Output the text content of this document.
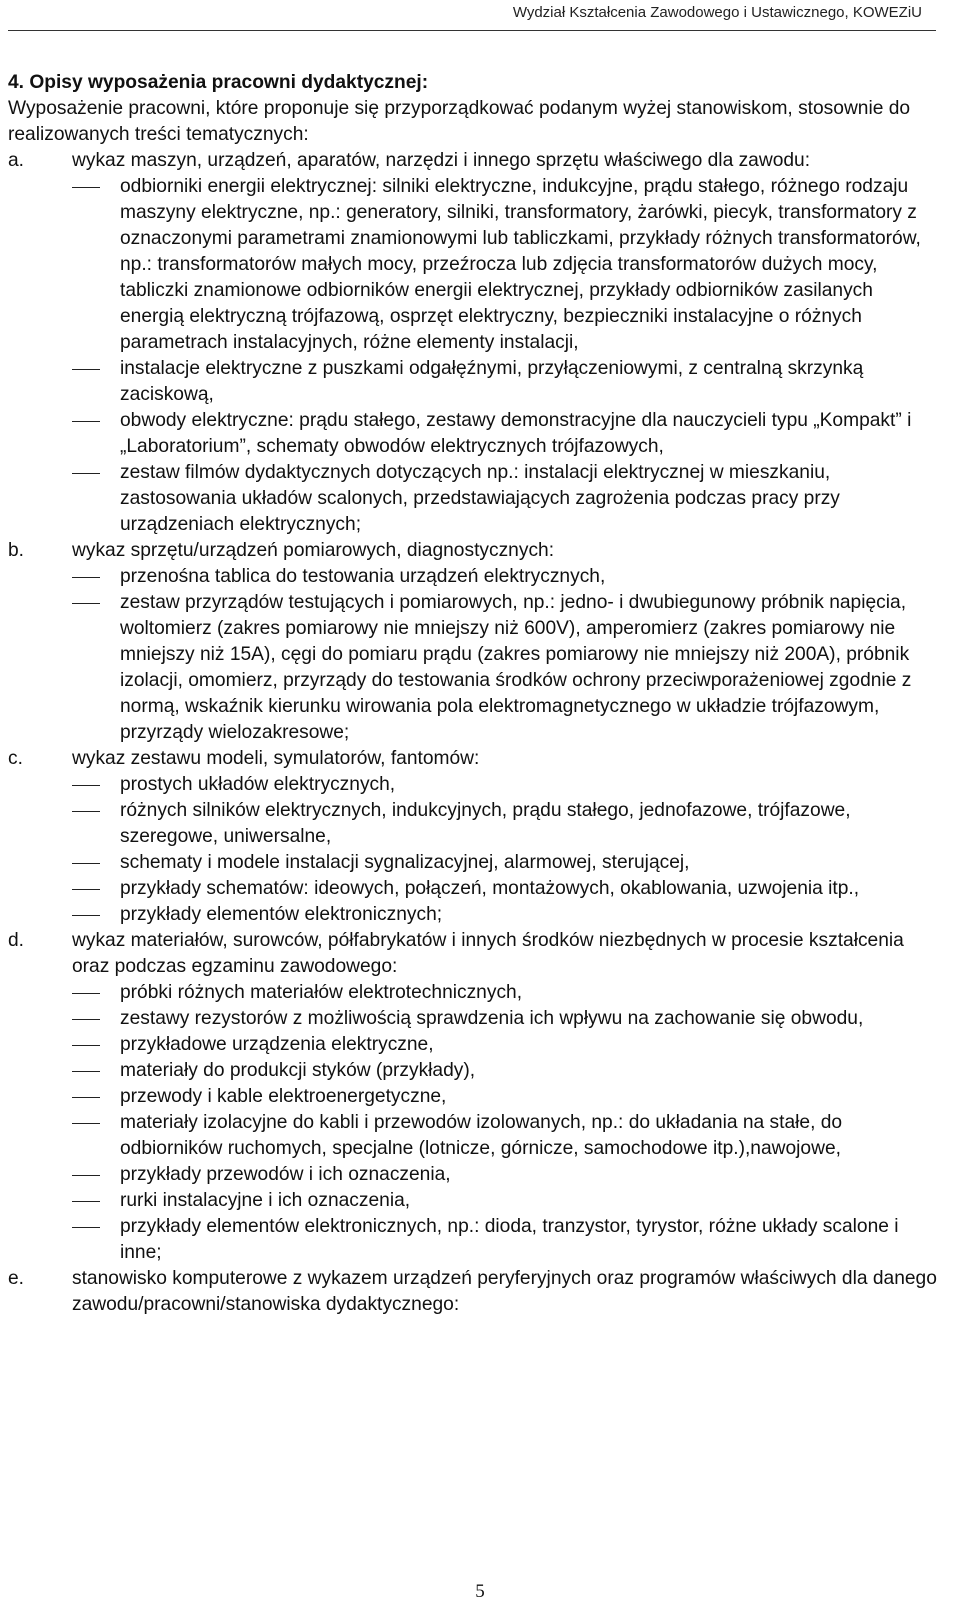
Wydział Kształcenia Zawodowego i Ustawicznego, KOWEZiU
4. Opisy wyposażenia pracowni dydaktycznej:
Wyposażenie pracowni, które proponuje się przyporządkować podanym wyżej stanowiskom, stosownie do realizowanych treści tematycznych:
a. wykaz maszyn, urządzeń, aparatów, narzędzi i innego sprzętu właściwego dla zawodu:
odbiorniki energii elektrycznej: silniki elektryczne, indukcyjne, prądu stałego, różnego rodzaju maszyny elektryczne, np.: generatory, silniki, transformatory, żarówki, piecyk, transformatory z oznaczonymi parametrami znamionowymi lub tabliczkami, przykłady różnych transformatorów, np.: transformatorów małych mocy, przeźrocza lub zdjęcia transformatorów dużych mocy, tabliczki znamionowe odbiorników energii elektrycznej, przykłady odbiorników zasilanych energią elektryczną trójfazową, osprzęt elektryczny, bezpieczniki instalacyjne o różnych parametrach instalacyjnych, różne elementy instalacji,
instalacje elektryczne z puszkami odgałęźnymi, przyłączeniowymi, z centralną skrzynką zaciskową,
obwody elektryczne: prądu stałego, zestawy demonstracyjne dla nauczycieli typu „Kompakt” i „Laboratorium”, schematy obwodów elektrycznych trójfazowych,
zestaw filmów dydaktycznych dotyczących np.: instalacji elektrycznej w mieszkaniu, zastosowania układów scalonych, przedstawiających zagrożenia podczas pracy przy urządzeniach elektrycznych;
b. wykaz sprzętu/urządzeń pomiarowych, diagnostycznych:
przenośna tablica do testowania urządzeń elektrycznych,
zestaw przyrządów testujących i pomiarowych, np.: jedno- i dwubiegunowy próbnik napięcia, woltomierz (zakres pomiarowy nie mniejszy niż 600V), amperomierz (zakres pomiarowy nie mniejszy niż 15A), cęgi do pomiaru prądu (zakres pomiarowy nie mniejszy niż 200A), próbnik izolacji, omomierz, przyrządy do testowania środków ochrony przeciwporażeniowej zgodnie z normą, wskaźnik kierunku wirowania pola elektromagnetycznego w układzie trójfazowym, przyrządy wielozakresowe;
c.	wykaz zestawu modeli, symulatorów, fantomów:
prostych układów elektrycznych,
różnych silników elektrycznych, indukcyjnych, prądu stałego, jednofazowe, trójfazowe, szeregowe, uniwersalne,
schematy i modele instalacji sygnalizacyjnej, alarmowej, sterującej,
przykłady schematów: ideowych, połączeń, montażowych, okablowania, uzwojenia itp.,
przykłady elementów elektronicznych;
d. wykaz materiałów, surowców, półfabrykatów i innych środków niezbędnych w procesie kształcenia oraz podczas egzaminu zawodowego:
próbki różnych materiałów elektrotechnicznych,
zestawy rezystorów z możliwością sprawdzenia ich wpływu na zachowanie się obwodu,
przykładowe urządzenia elektryczne,
materiały do produkcji styków (przykłady),
przewody i kable elektroenergetyczne,
materiały izolacyjne do kabli i przewodów izolowanych, np.: do układania na stałe, do odbiorników ruchomych, specjalne (lotnicze, górnicze, samochodowe itp.),nawojowe,
przykłady przewodów i ich oznaczenia,
rurki instalacyjne i ich oznaczenia,
przykłady elementów elektronicznych, np.: dioda, tranzystor, tyrystor, różne układy scalone i inne;
e. stanowisko komputerowe z wykazem urządzeń peryferyjnych oraz programów właściwych dla danego zawodu/pracowni/stanowiska dydaktycznego:
5
